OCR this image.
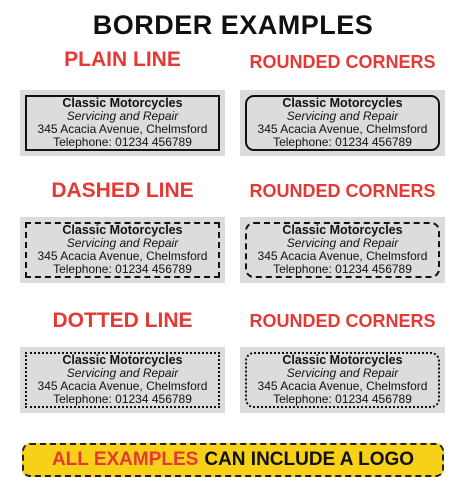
BORDER EXAMPLES
PLAIN LINE	ROUNDED CORNERS
Classic Motorcycles
Servicing and Repair
345 Acacia Avenue, Chelmsford
Telephone: 01234 456789
Classic Motorcycles
Servicing and Repair
345 Acacia Avenue, Chelmsford
Telephone: 01234 456789
DASHED LINE	ROUNDED CORNERS
Classic Motorcycles
Servicing and Repair
345 Acacia Avenue, Chelmsford
Telephone: 01234 456789
Classic Motorcycles
Servicing and Repair
345 Acacia Avenue, Chelmsford
Telephone: 01234 456789
DOTTED LINE	ROUNDED CORNERS
Classic Motorcycles
Servicing and Repair
345 Acacia Avenue, Chelmsford
Telephone: 01234 456789
Classic Motorcycles
Servicing and Repair
345 Acacia Avenue, Chelmsford
Telephone: 01234 456789
ALL EXAMPLES CAN INCLUDE A LOGO
